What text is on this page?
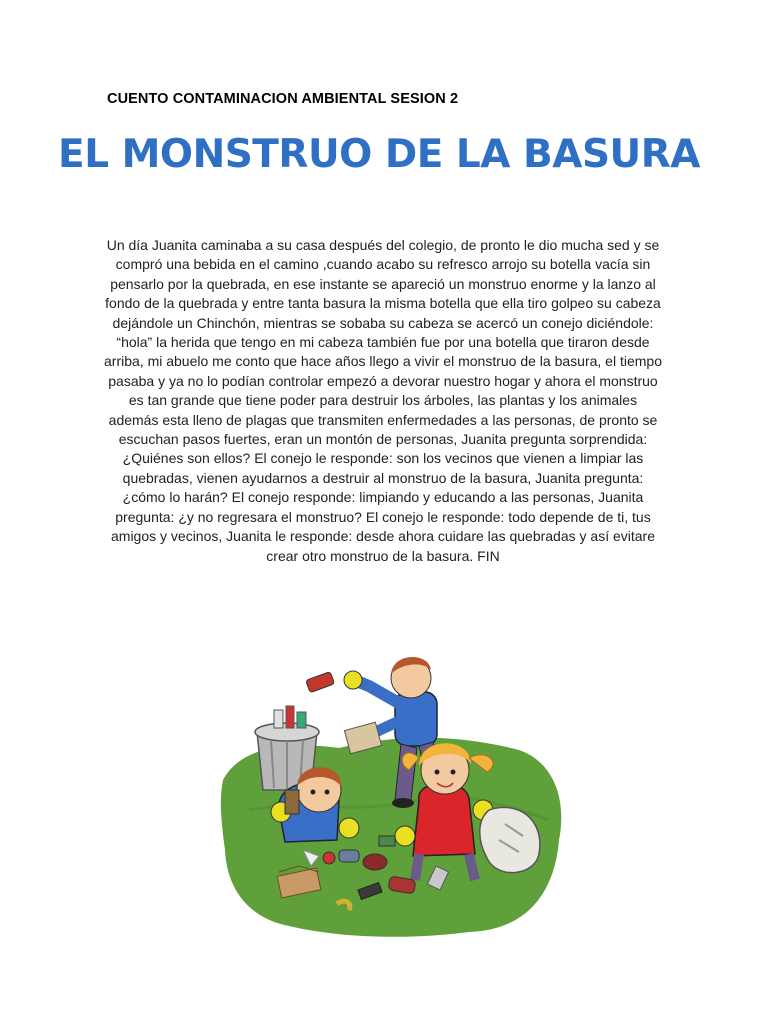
CUENTO CONTAMINACION AMBIENTAL SESION 2
EL MONSTRUO DE LA BASURA

Un día Juanita caminaba a su casa después del colegio, de pronto le dio mucha sed y se compró una bebida en el camino ,cuando acabo su refresco arrojo su botella vacía sin pensarlo por la quebrada, en ese instante se apareció un monstruo enorme y la lanzo al fondo de la quebrada y entre tanta basura la misma botella que ella tiro golpeo su cabeza dejándole un Chinchón, mientras se sobaba su cabeza se acercó un conejo diciéndole: “hola” la herida que tengo en mi cabeza también fue por una botella que tiraron desde arriba, mi abuelo me conto que hace años llego a vivir el monstruo de la basura, el tiempo pasaba y ya no lo podían controlar empezó a devorar nuestro hogar y ahora el monstruo es tan grande que tiene poder para destruir los árboles, las plantas y los animales además esta lleno de plagas que transmiten enfermedades a las personas, de pronto se escuchan pasos fuertes, eran un montón de personas, Juanita pregunta sorprendida: ¿Quiénes son ellos? El conejo le responde: son los vecinos que vienen a limpiar las quebradas, vienen ayudarnos a destruir al monstruo de la basura, Juanita pregunta: ¿cómo lo harán? El conejo responde: limpiando y educando a las personas, Juanita pregunta: ¿y no regresara el monstruo? El conejo le responde: todo depende de ti, tus amigos y vecinos, Juanita le responde: desde ahora cuidare las quebradas y así evitare crear otro monstruo de la basura. FIN
